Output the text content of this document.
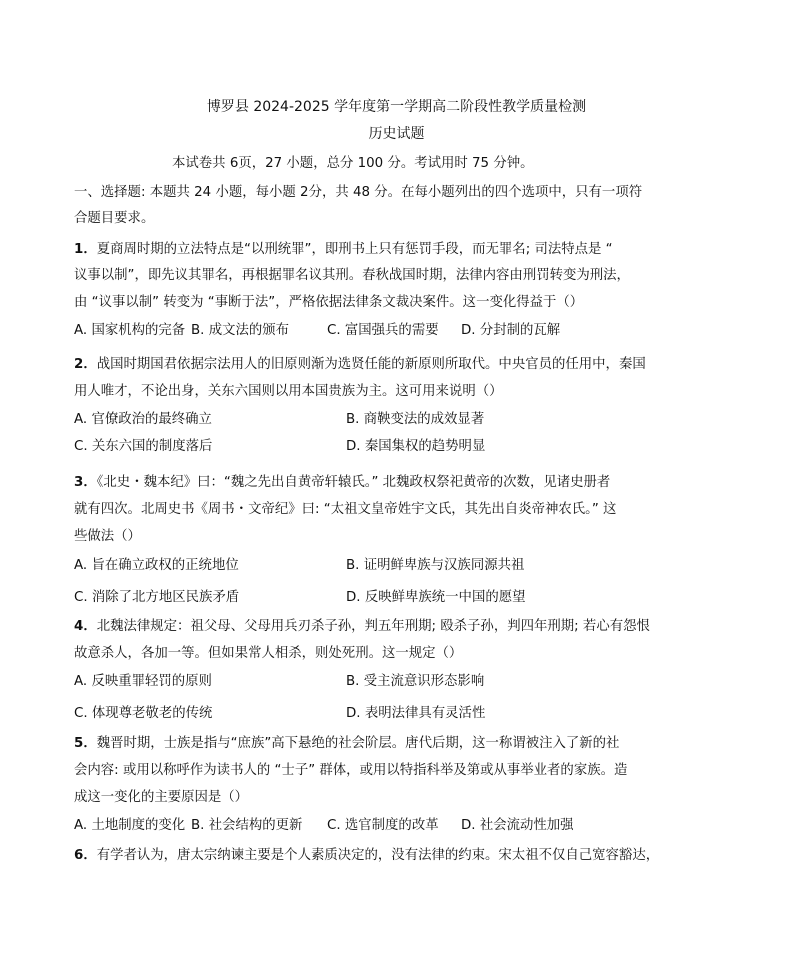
博罗县 2024-2025 学年度第一学期高二阶段性教学质量检测
历史试题
本试卷共 6页，27 小题，总分 100 分。考试用时 75 分钟。
一、选择题: 本题共 24 小题，每小题 2分，共 48 分。在每小题列出的四个选项中，只有一项符
合题目要求。
1．夏商周时期的立法特点是“以刑统罪”，即刑书上只有惩罚手段，而无罪名; 司法特点是 “
议事以制”，即先议其罪名，再根据罪名议其刑。春秋战国时期，法律内容由刑罚转变为刑法，
由 “议事以制” 转变为 “事断于法”，严格依据法律条文裁决案件。这一变化得益于（）
A. 国家机构的完备 B. 成文法的颁布	C. 富国强兵的需要 D. 分封制的瓦解
2．战国时期国君依据宗法用人的旧原则渐为选贤任能的新原则所取代。中央官员的任用中，秦国
用人唯才，不论出身，关东六国则以用本国贵族为主。这可用来说明（）
A. 官僚政治的最终确立	B. 商鞅变法的成效显著
C. 关东六国的制度落后	D. 秦国集权的趋势明显
3．《北史・魏本纪》曰：“魏之先出自黄帝轩辕氏。” 北魏政权祭祀黄帝的次数，见诸史册者
就有四次。北周史书《周书・文帝纪》曰: “太祖文皇帝姓宇文氏，其先出自炎帝神农氏。” 这
些做法（）
A. 旨在确立政权的正统地位	B. 证明鲜卑族与汉族同源共祖
C. 消除了北方地区民族矛盾	D. 反映鲜卑族统一中国的愿望
4．北魏法律规定：祖父母、父母用兵刃杀子孙，判五年刑期; 殴杀子孙，判四年刑期; 若心有怨恨
故意杀人，各加一等。但如果常人相杀，则处死刑。这一规定（）
A. 反映重罪轻罚的原则	B. 受主流意识形态影响
C. 体现尊老敬老的传统	D. 表明法律具有灵活性
5．魏晋时期，士族是指与“庶族”高下悬绝的社会阶层。唐代后期，这一称谓被注入了新的社
会内容: 或用以称呼作为读书人的 “士子” 群体，或用以特指科举及第或从事举业者的家族。造
成这一变化的主要原因是（）
A. 土地制度的变化 B. 社会结构的更新 C. 选官制度的改革 D. 社会流动性加强
6．有学者认为，唐太宗纳谏主要是个人素质决定的，没有法律的约束。宋太祖不仅自己宽容豁达，
